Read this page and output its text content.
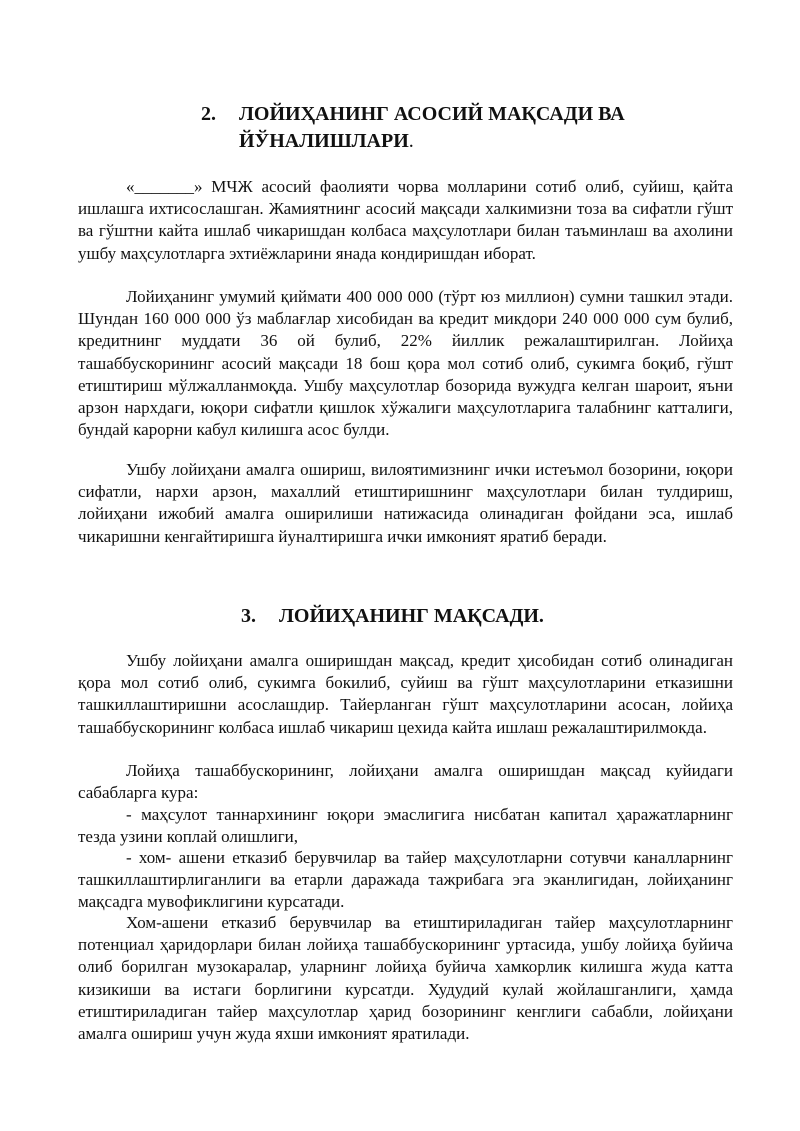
2. ЛОЙИҲАНИНГ АСОСИЙ МАҚСАДИ ВА
ЙЎНАЛИШЛАРИ.

«_______» МЧЖ асосий фаолияти чорва молларини сотиб олиб, суйиш, қайта ишлашга ихтисослашган. Жамиятнинг асосий мақсади халкимизни тоза ва сифатли гўшт ва гўштни кайта ишлаб чикаришдан колбаса маҳсулотлари билан таъминлаш ва ахолини ушбу маҳсулотларга эхтиёжларини янада кондиришдан иборат.

Лойиҳанинг умумий қиймати 400 000 000 (тўрт юз миллион) сумни ташкил этади. Шундан 160 000 000 ўз маблағлар хисобидан ва кредит микдори 240 000 000 сум булиб, кредитнинг муддати 36 ой булиб, 22% йиллик режалаштирилган. Лойиҳа ташаббускорининг асосий мақсади 18 бош қора мол сотиб олиб, сукимга боқиб, гўшт етиштириш мўлжалланмоқда. Ушбу маҳсулотлар бозорида вужудга келган шароит, яъни арзон нархдаги, юқори сифатли қишлок хўжалиги маҳсулотларига талабнинг катталиги, бундай карорни кабул килишга асос булди.

Ушбу лойиҳани амалга ошириш, вилоятимизнинг ички истеъмол бозорини, юқори сифатли, нархи арзон, махаллий етиштиришнинг маҳсулотлари билан тулдириш, лойиҳани ижобий амалга оширилиши натижасида олинадиган фойдани эса, ишлаб чикаришни кенгайтиришга йуналтиришга ички имконият яратиб беради.

3. ЛОЙИҲАНИНГ МАҚСАДИ.

Ушбу лойиҳани амалга оширишдан мақсад, кредит ҳисобидан сотиб олинадиган қора мол сотиб олиб, сукимга бокилиб, суйиш ва гўшт маҳсулотларини етказишни ташкиллаштиришни асослашдир. Тайерланган гўшт маҳсулотларини асосан, лойиҳа ташаббускорининг колбаса ишлаб чикариш цехида кайта ишлаш режалаштирилмокда.

Лойиҳа ташаббускорининг, лойиҳани амалга оширишдан мақсад куйидаги сабабларга кура:

- маҳсулот таннархининг юқори эмаслигига нисбатан капитал ҳаражатларнинг тезда узини коплай олишлиги,

- хом- ашени етказиб берувчилар ва тайер маҳсулотларни сотувчи каналларнинг ташкиллаштирлиганлиги ва етарли даражада тажрибага эга эканлигидан, лойиҳанинг мақсадга мувофиклигини курсатади.

Хом-ашени етказиб берувчилар ва етиштириладиган тайер маҳсулотларнинг потенциал ҳаридорлари билан лойиҳа ташаббускорининг уртасида, ушбу лойиҳа буйича олиб борилган музокаралар, уларнинг лойиҳа буйича хамкорлик килишга жуда катта кизикиши ва истаги борлигини курсатди. Худудий кулай жойлашганлиги, ҳамда етиштириладиган тайер маҳсулотлар ҳарид бозорининг кенглиги сабабли, лойиҳани амалга ошириш учун жуда яхши имконият яратилади.
